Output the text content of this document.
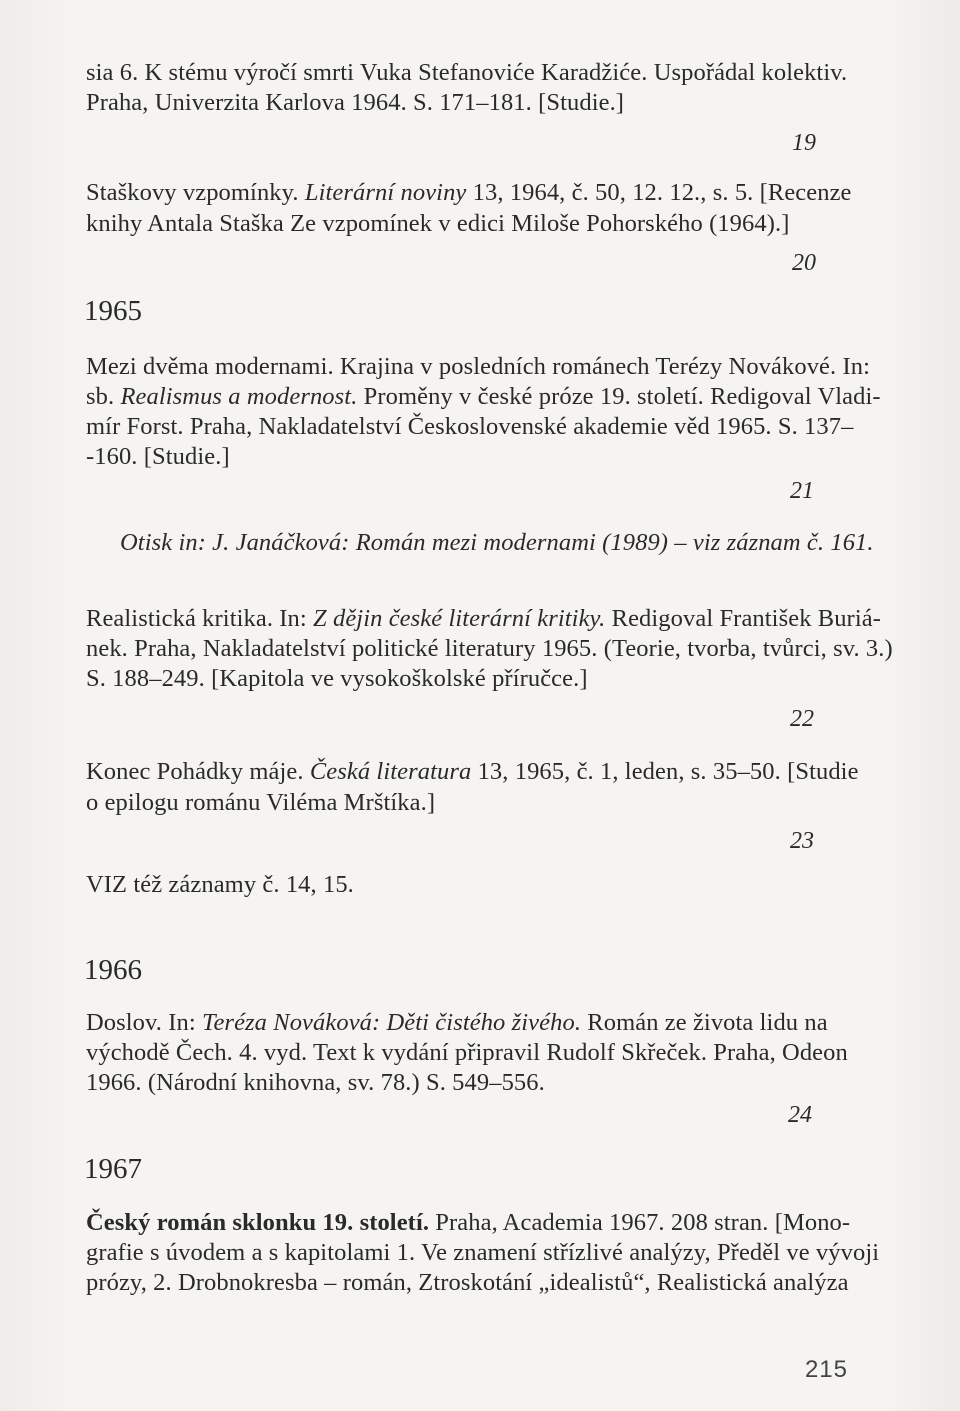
sia 6. K stému výročí smrti Vuka Stefanoviće Karadžiće. Uspořádal kolektiv.
Praha, Univerzita Karlova 1964. S. 171–181. [Studie.]
19
Staškovy vzpomínky. Literární noviny 13, 1964, č. 50, 12. 12., s. 5. [Recenze
knihy Antala Staška Ze vzpomínek v edici Miloše Pohorského (1964).]
20
1965
Mezi dvěma modernami. Krajina v posledních románech Terézy Novákové. In:
sb. Realismus a modernost. Proměny v české próze 19. století. Redigoval Vladi-
mír Forst. Praha, Nakladatelství Československé akademie věd 1965. S. 137–
-160. [Studie.]
21
Otisk in: J. Janáčková: Román mezi modernami (1989) – viz záznam č. 161.
Realistická kritika. In: Z dějin české literární kritiky. Redigoval František Buriá-
nek. Praha, Nakladatelství politické literatury 1965. (Teorie, tvorba, tvůrci, sv. 3.)
S. 188–249. [Kapitola ve vysokoškolské příručce.]
22
Konec Pohádky máje. Česká literatura 13, 1965, č. 1, leden, s. 35–50. [Studie
o epilogu románu Viléma Mrštíka.]
23
VIZ též záznamy č. 14, 15.
1966
Doslov. In: Teréza Nováková: Děti čistého živého. Román ze života lidu na
východě Čech. 4. vyd. Text k vydání připravil Rudolf Skřeček. Praha, Odeon
1966. (Národní knihovna, sv. 78.) S. 549–556.
24
1967
Český román sklonku 19. století. Praha, Academia 1967. 208 stran. [Mono-
grafie s úvodem a s kapitolami 1. Ve znamení střízlivé analýzy, Předěl ve vývoji
prózy, 2. Drobnokresba – román, Ztroskotání „idealistů“, Realistická analýza
215
